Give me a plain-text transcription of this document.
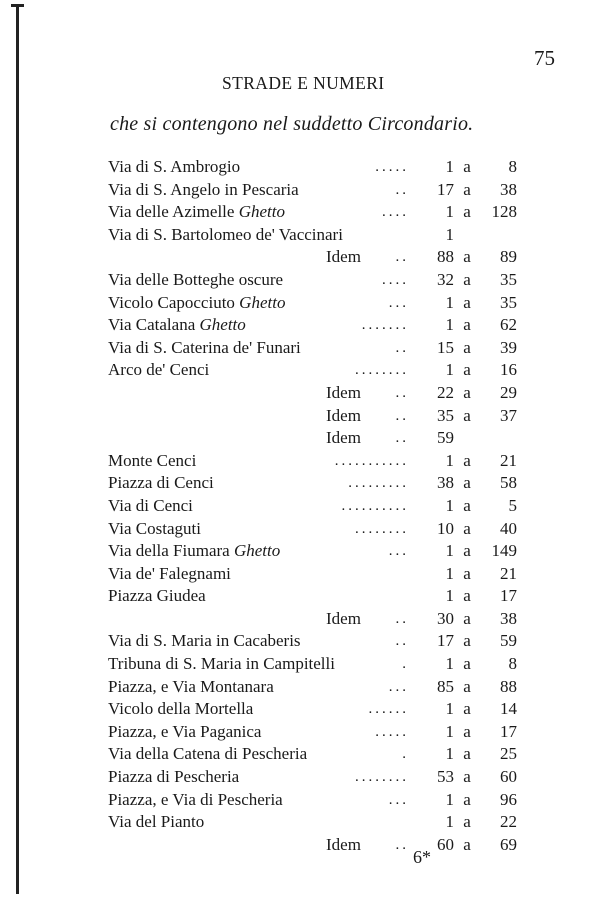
75
STRADE E NUMERI
che si contengono nel suddetto Circondario.
Via di S. Ambrogio	.....	1 a	8
Via di S. Angelo in Pescaria	..	17 a	38
Via delle Azimelle Ghetto	....	1 a	128
Via di S. Bartolomeo de' Vaccinari	1
Idem ..	88 a	89
Via delle Botteghe oscure	....	32 a	35
Vicolo Capocciuto Ghetto	...	1 a	35
Via Catalana Ghetto	.......	1 a	62
Via di S. Caterina de' Funari	..	15 a	39
Arco de' Cenci	........	1 a	16
Idem ..	22 a	29
Idem ..	35 a	37
Idem ..	59
Monte Cenci	...........	1 a	21
Piazza di Cenci	.........	38 a	58
Via di Cenci	..........	1 a	5
Via Costaguti	........	10 a	40
Via della Fiumara Ghetto	...	1 a	149
Via de' Falegnami	1 a	21
Piazza Giudea	1 a	17
Idem ..	30 a	38
Via di S. Maria in Cacaberis	..	17 a	59
Tribuna di S. Maria in Campitelli	.	1 a	8
Piazza, e Via Montanara	...	85 a	88
Vicolo della Mortella	......	1 a	14
Piazza, e Via Paganica	.....	1 a	17
Via della Catena di Pescheria	.	1 a	25
Piazza di Pescheria	........	53 a	60
Piazza, e Via di Pescheria	...	1 a	96
Via del Pianto	1 a	22
Idem ..	60 a	69
6*
